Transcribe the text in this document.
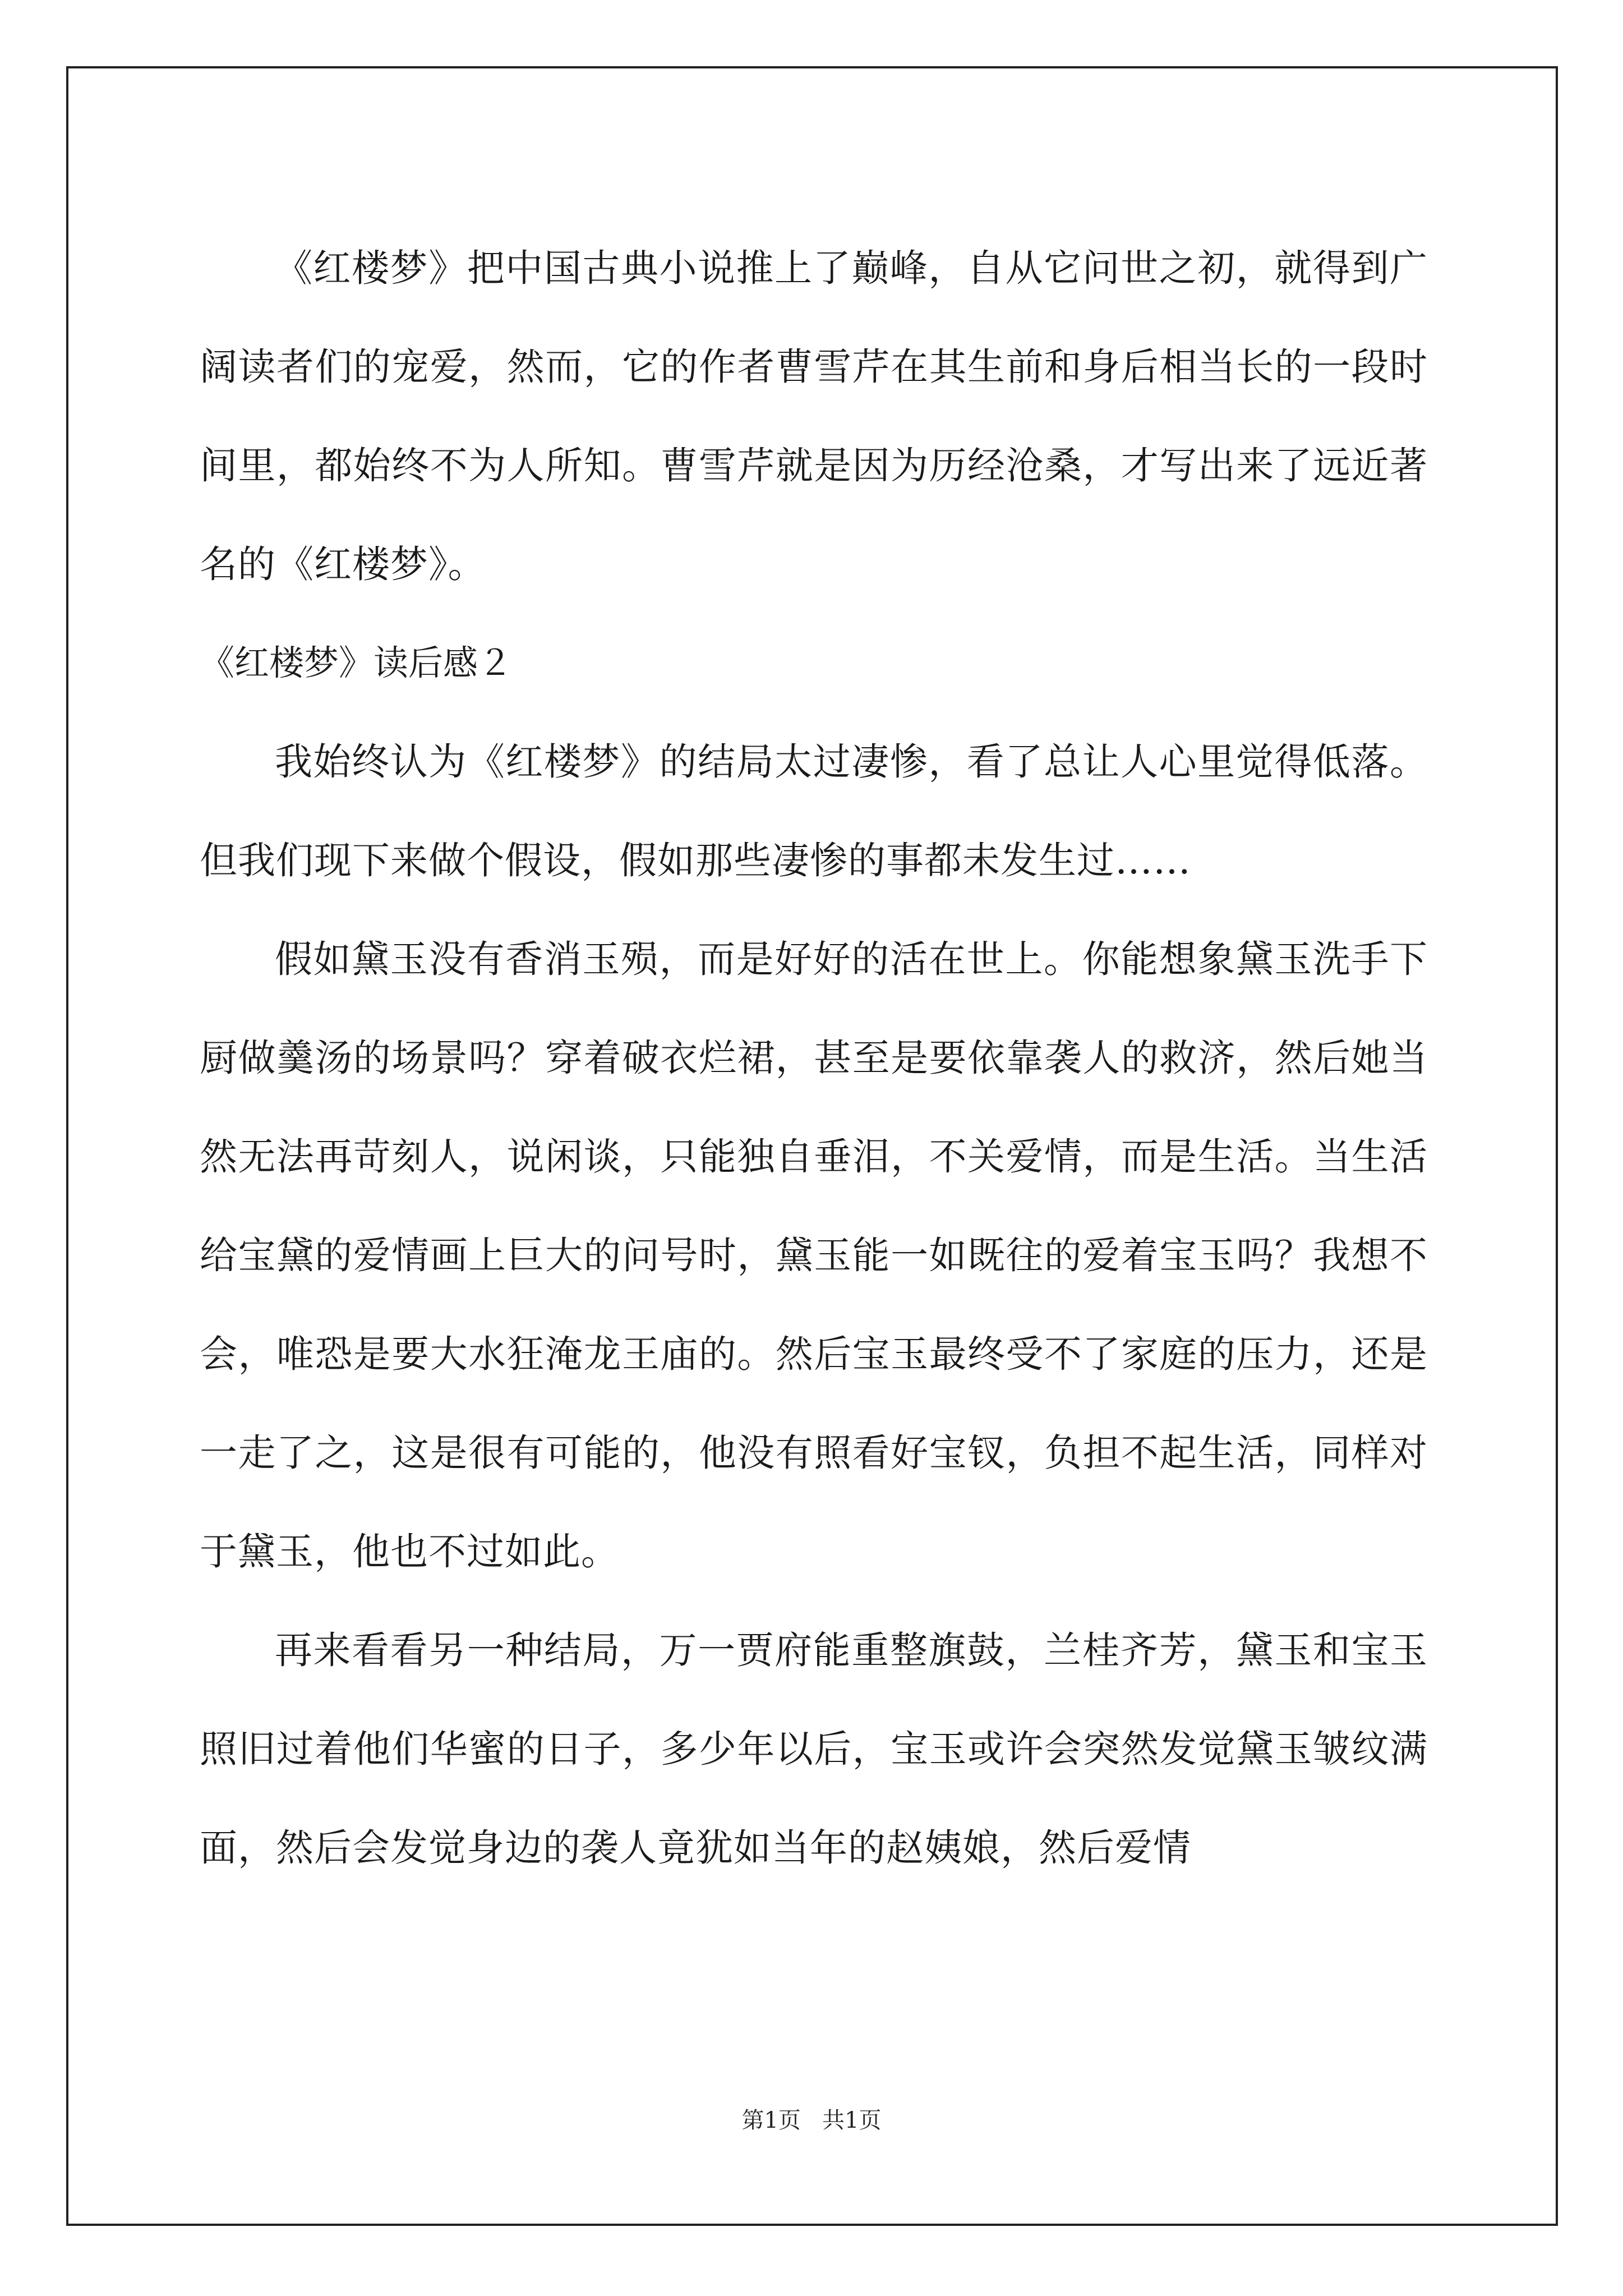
《红楼梦》把中国古典小说推上了巅峰，自从它问世之初，就得到广阔读者们的宠爱，然而，它的作者曹雪芹在其生前和身后相当长的一段时间里，都始终不为人所知。曹雪芹就是因为历经沧桑，才写出来了远近著名的《红楼梦》。

《红楼梦》读后感２

我始终认为《红楼梦》的结局太过凄惨，看了总让人心里觉得低落。但我们现下来做个假设，假如那些凄惨的事都未发生过……

假如黛玉没有香消玉殒，而是好好的活在世上。你能想象黛玉洗手下厨做羹汤的场景吗？穿着破衣烂裙，甚至是要依靠袭人的救济，然后她当然无法再苛刻人，说闲谈，只能独自垂泪，不关爱情，而是生活。当生活给宝黛的爱情画上巨大的问号时，黛玉能一如既往的爱着宝玉吗？我想不会，唯恐是要大水狂淹龙王庙的。然后宝玉最终受不了家庭的压力，还是一走了之，这是很有可能的，他没有照看好宝钗，负担不起生活，同样对于黛玉，他也不过如此。

再来看看另一种结局，万一贾府能重整旗鼓，兰桂齐芳，黛玉和宝玉照旧过着他们华蜜的日子，多少年以后，宝玉或许会突然发觉黛玉皱纹满面，然后会发觉身边的袭人竟犹如当年的赵姨娘，然后爱情

第1页   共1页
